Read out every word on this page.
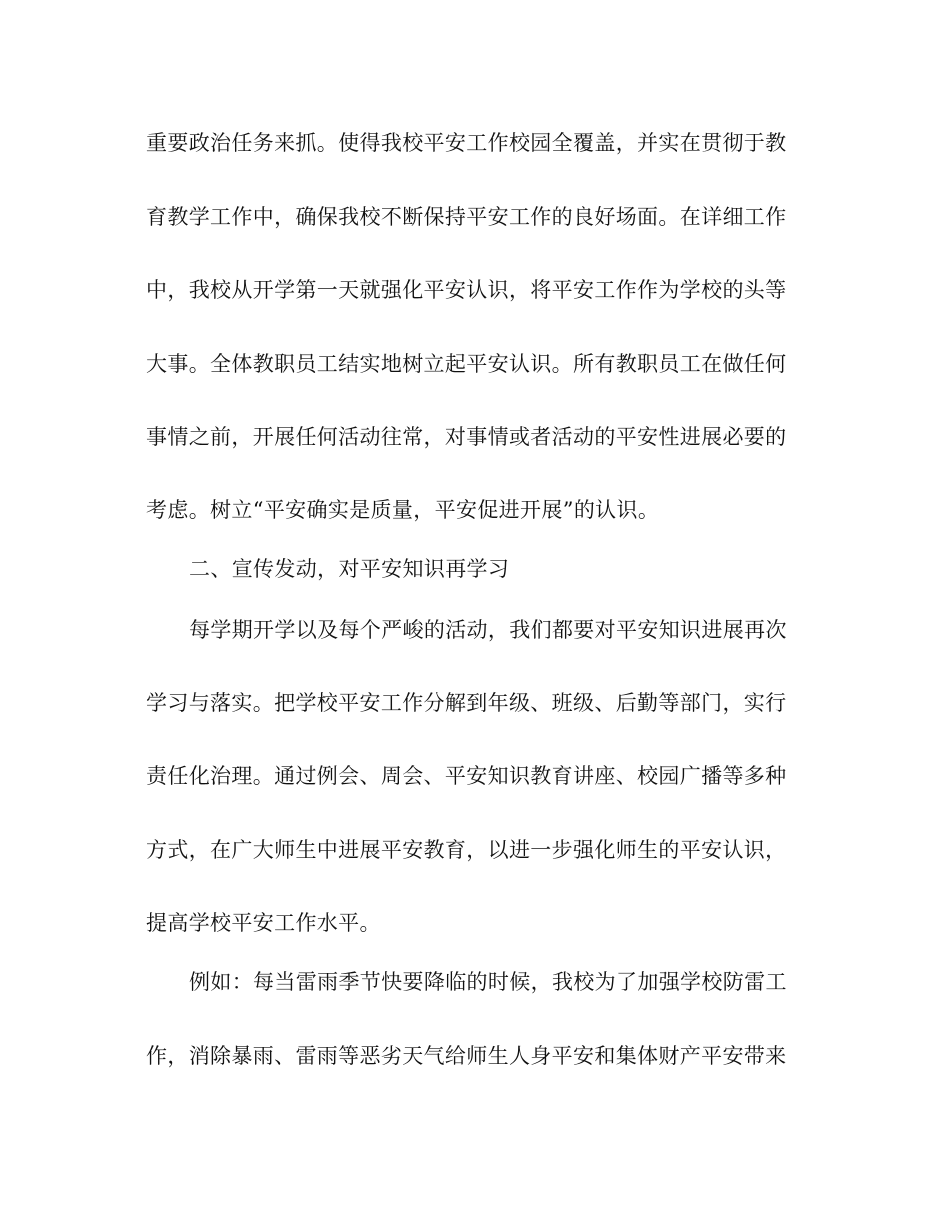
重要政治任务来抓。使得我校平安工作校园全覆盖，并实在贯彻于教
育教学工作中，确保我校不断保持平安工作的良好场面。在详细工作
中，我校从开学第一天就强化平安认识，将平安工作作为学校的头等
大事。全体教职员工结实地树立起平安认识。所有教职员工在做任何
事情之前，开展任何活动往常，对事情或者活动的平安性进展必要的
考虑。树立“平安确实是质量，平安促进开展”的认识。
二、宣传发动，对平安知识再学习
每学期开学以及每个严峻的活动，我们都要对平安知识进展再次
学习与落实。把学校平安工作分解到年级、班级、后勤等部门，实行
责任化治理。通过例会、周会、平安知识教育讲座、校园广播等多种
方式，在广大师生中进展平安教育，以进一步强化师生的平安认识，
提高学校平安工作水平。
例如：每当雷雨季节快要降临的时候，我校为了加强学校防雷工
作，消除暴雨、雷雨等恶劣天气给师生人身平安和集体财产平安带来
